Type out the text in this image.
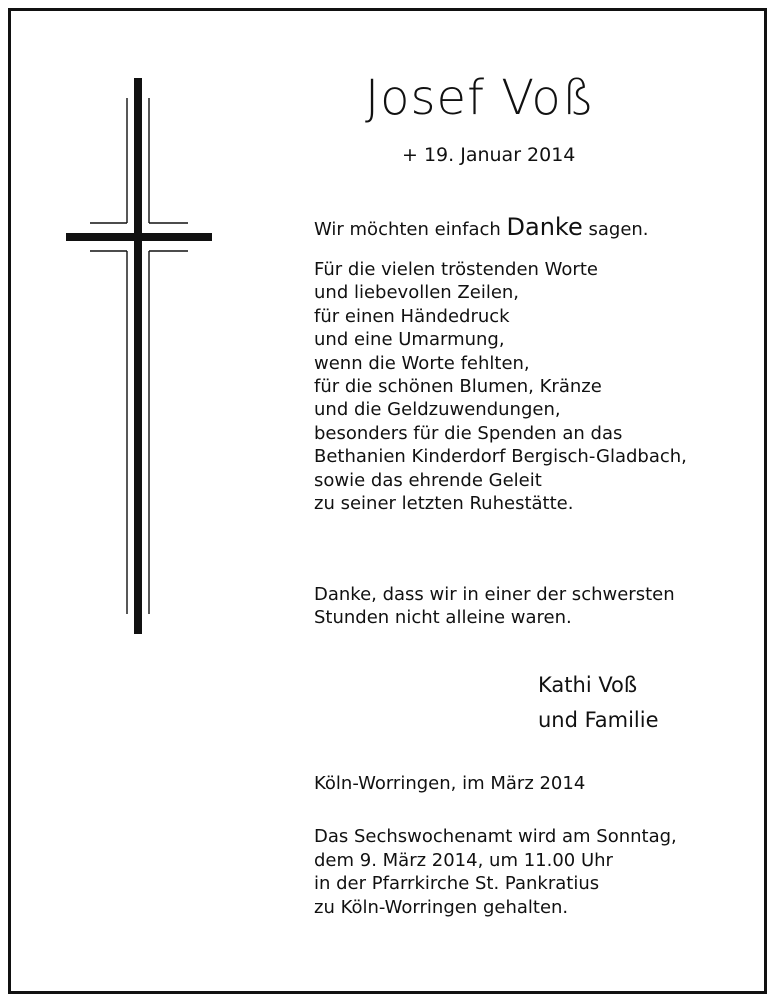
Josef Voß
+ 19. Januar 2014
Wir möchten einfach Danke sagen.
Für die vielen tröstenden Worte
und liebevollen Zeilen,
für einen Händedruck
und eine Umarmung,
wenn die Worte fehlten,
für die schönen Blumen, Kränze
und die Geldzuwendungen,
besonders für die Spenden an das
Bethanien Kinderdorf Bergisch-Gladbach,
sowie das ehrende Geleit
zu seiner letzten Ruhestätte.
Danke, dass wir in einer der schwersten
Stunden nicht alleine waren.
Kathi Voß
und Familie
Köln-Worringen, im März 2014
Das Sechswochenamt wird am Sonntag,
dem 9. März 2014, um 11.00 Uhr
in der Pfarrkirche St. Pankratius
zu Köln-Worringen gehalten.
